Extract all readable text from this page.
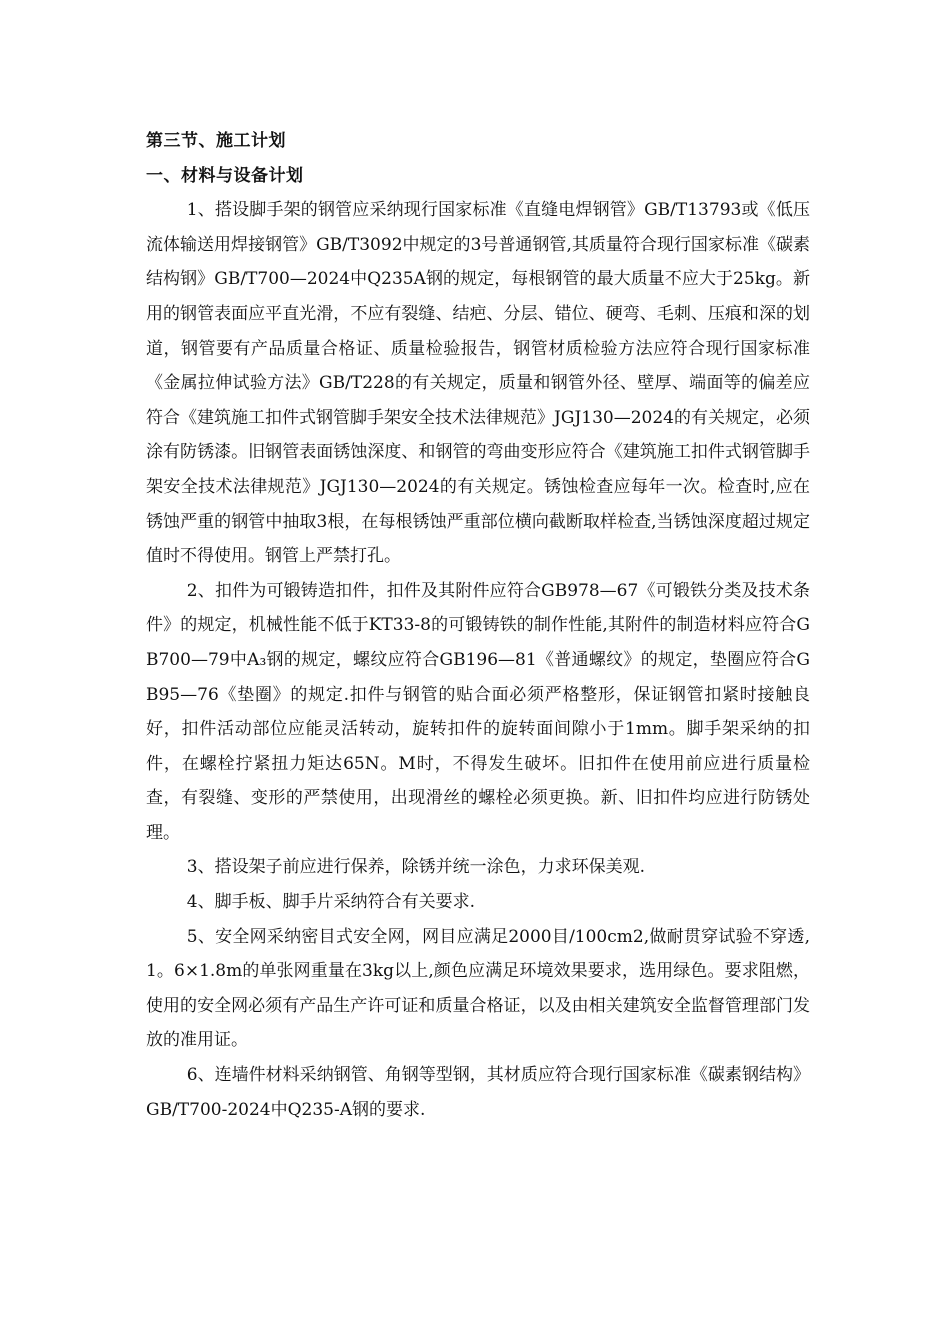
第三节、施工计划

一、材料与设备计划

1、搭设脚手架的钢管应采纳现行国家标准《直缝电焊钢管》GB/T13793或《低压流体输送用焊接钢管》GB/T3092中规定的3号普通钢管,其质量符合现行国家标准《碳素结构钢》GB/T700—2024中Q235A钢的规定，每根钢管的最大质量不应大于25kg。新用的钢管表面应平直光滑，不应有裂缝、结疤、分层、错位、硬弯、毛刺、压痕和深的划道，钢管要有产品质量合格证、质量检验报告，钢管材质检验方法应符合现行国家标准《金属拉伸试验方法》GB/T228的有关规定，质量和钢管外径、壁厚、端面等的偏差应符合《建筑施工扣件式钢管脚手架安全技术法律规范》JGJ130—2024的有关规定，必须涂有防锈漆。旧钢管表面锈蚀深度、和钢管的弯曲变形应符合《建筑施工扣件式钢管脚手架安全技术法律规范》JGJ130—2024的有关规定。锈蚀检查应每年一次。检查时,应在锈蚀严重的钢管中抽取3根，在每根锈蚀严重部位横向截断取样检查,当锈蚀深度超过规定值时不得使用。钢管上严禁打孔。

2、扣件为可锻铸造扣件，扣件及其附件应符合GB978—67《可锻铁分类及技术条件》的规定，机械性能不低于KT33-8的可锻铸铁的制作性能,其附件的制造材料应符合GB700—79中A₃钢的规定，螺纹应符合GB196—81《普通螺纹》的规定，垫圈应符合GB95—76《垫圈》的规定.扣件与钢管的贴合面必须严格整形，保证钢管扣紧时接触良好，扣件活动部位应能灵活转动，旋转扣件的旋转面间隙小于1mm。脚手架采纳的扣件，在螺栓拧紧扭力矩达65N。M时，不得发生破坏。旧扣件在使用前应进行质量检查，有裂缝、变形的严禁使用，出现滑丝的螺栓必须更换。新、旧扣件均应进行防锈处理。

3、搭设架子前应进行保养，除锈并统一涂色，力求环保美观.

4、脚手板、脚手片采纳符合有关要求.

5、安全网采纳密目式安全网，网目应满足2000目/100cm2,做耐贯穿试验不穿透,1。6×1.8m的单张网重量在3kg以上,颜色应满足环境效果要求，选用绿色。要求阻燃，使用的安全网必须有产品生产许可证和质量合格证，以及由相关建筑安全监督管理部门发放的准用证。

6、连墙件材料采纳钢管、角钢等型钢，其材质应符合现行国家标准《碳素钢结构》GB/T700-2024中Q235-A钢的要求.
